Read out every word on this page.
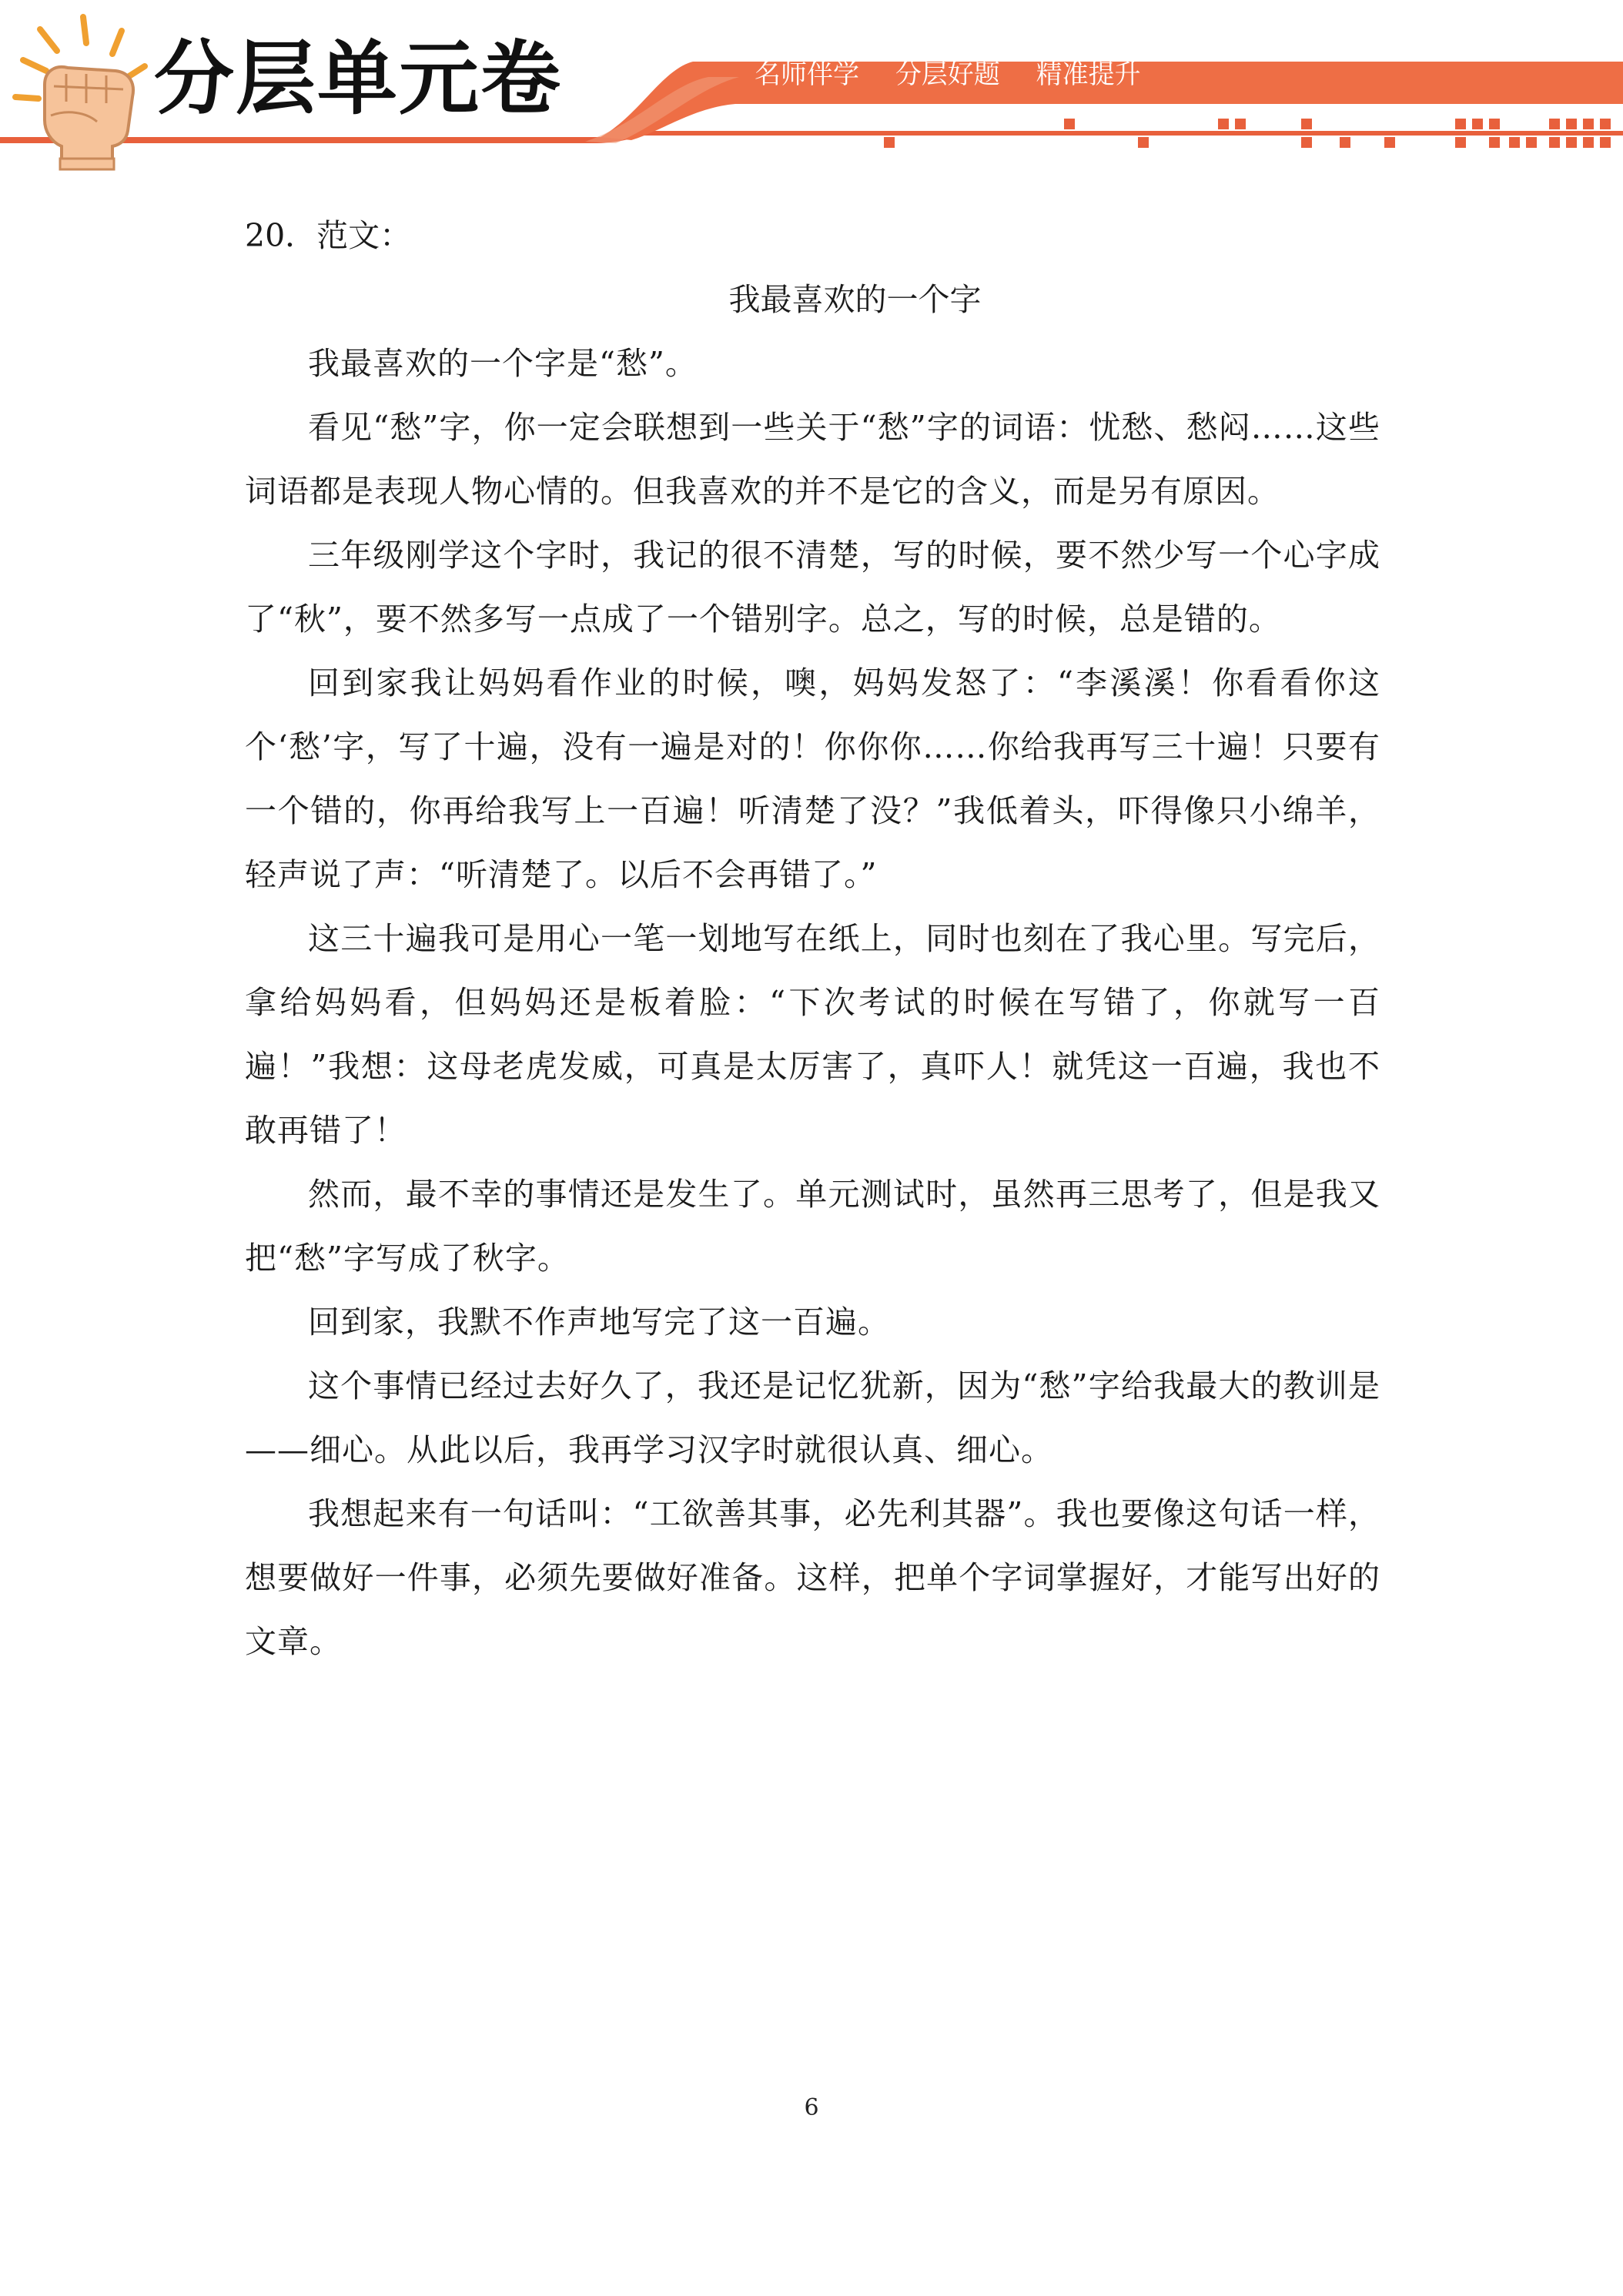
分层单元卷	名师伴学 分层好题 精准提升

20．范文：

我最喜欢的一个字

我最喜欢的一个字是“愁”。

看见“愁”字，你一定会联想到一些关于“愁”字的词语：忧愁、愁闷……这些词语都是表现人物心情的。但我喜欢的并不是它的含义，而是另有原因。

三年级刚学这个字时，我记的很不清楚，写的时候，要不然少写一个心字成了“秋”，要不然多写一点成了一个错别字。总之，写的时候，总是错的。

回到家我让妈妈看作业的时候，噢，妈妈发怒了：“李溪溪！你看看你这个‘愁’字，写了十遍，没有一遍是对的！你你你……你给我再写三十遍！只要有一个错的，你再给我写上一百遍！听清楚了没？”我低着头，吓得像只小绵羊，轻声说了声：“听清楚了。以后不会再错了。”

这三十遍我可是用心一笔一划地写在纸上，同时也刻在了我心里。写完后，拿给妈妈看，但妈妈还是板着脸：“下次考试的时候在写错了，你就写一百遍！”我想：这母老虎发威，可真是太厉害了，真吓人！就凭这一百遍，我也不敢再错了！

然而，最不幸的事情还是发生了。单元测试时，虽然再三思考了，但是我又把“愁”字写成了秋字。

回到家，我默不作声地写完了这一百遍。

这个事情已经过去好久了，我还是记忆犹新，因为“愁”字给我最大的教训是——细心。从此以后，我再学习汉字时就很认真、细心。

我想起来有一句话叫：“工欲善其事，必先利其器”。我也要像这句话一样，想要做好一件事，必须先要做好准备。这样，把单个字词掌握好，才能写出好的文章。

6
